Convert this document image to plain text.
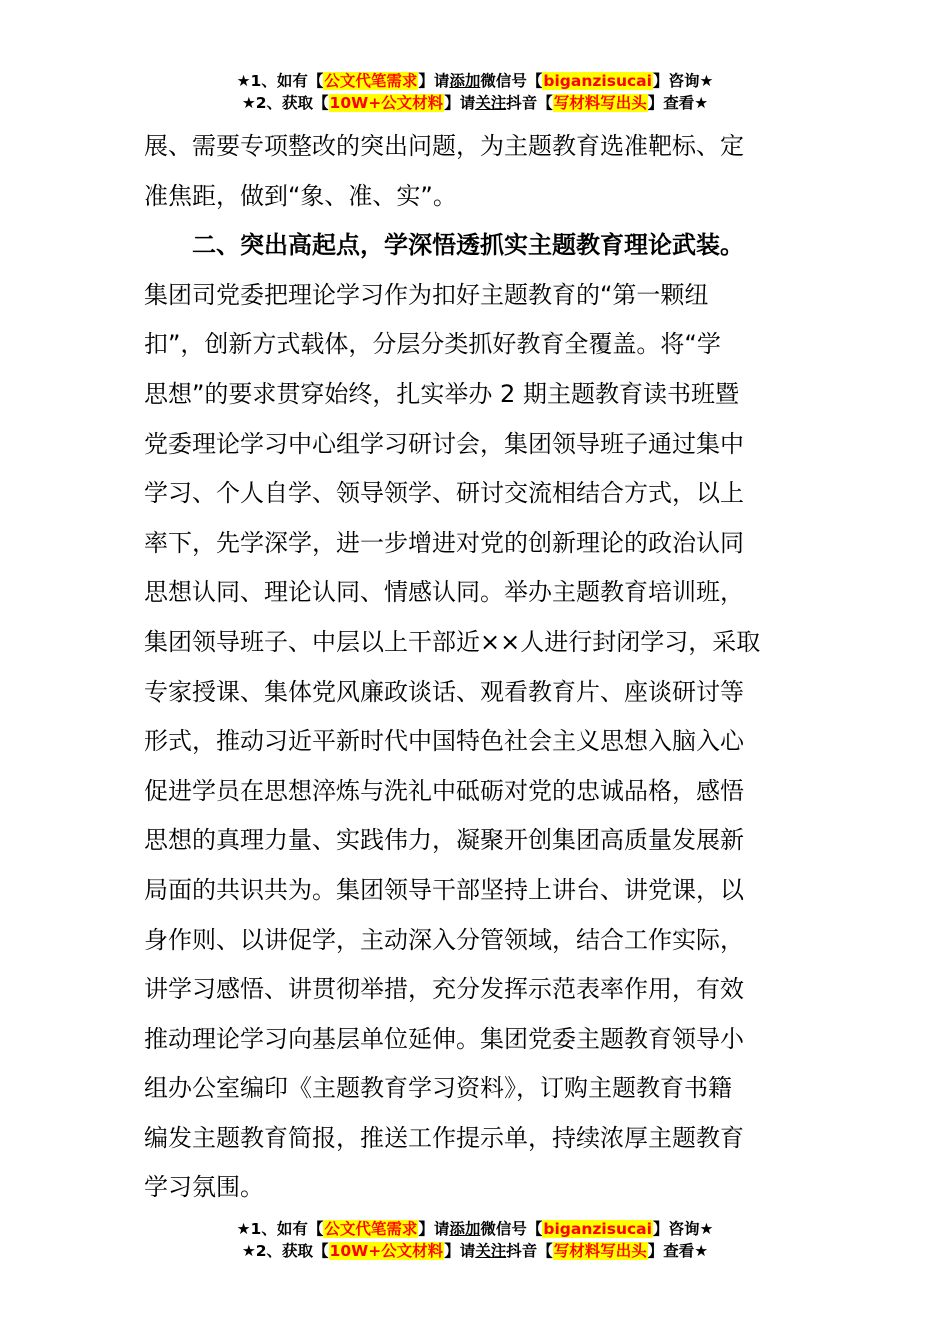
★1、如有【公文代笔需求】请添加微信号【biganzisucai】咨询★
★2、获取【10W+公文材料】请关注抖音【写材料写出头】查看★
展、需要专项整改的突出问题，为主题教育选准靶标、定
准焦距，做到“象、准、实”。
二、突出高起点，学深悟透抓实主题教育理论武装。
集团司党委把理论学习作为扣好主题教育的“第一颗纽
扣”，创新方式载体，分层分类抓好教育全覆盖。将“学
思想”的要求贯穿始终，扎实举办 2 期主题教育读书班暨
党委理论学习中心组学习研讨会，集团领导班子通过集中
学习、个人自学、领导领学、研讨交流相结合方式，以上
率下，先学深学，进一步增进对党的创新理论的政治认同
思想认同、理论认同、情感认同。举办主题教育培训班，
集团领导班子、中层以上干部近××人进行封闭学习，采取
专家授课、集体党风廉政谈话、观看教育片、座谈研讨等
形式，推动习近平新时代中国特色社会主义思想入脑入心
促进学员在思想淬炼与洗礼中砥砺对党的忠诚品格，感悟
思想的真理力量、实践伟力，凝聚开创集团高质量发展新
局面的共识共为。集团领导干部坚持上讲台、讲党课，以
身作则、以讲促学，主动深入分管领域，结合工作实际，
讲学习感悟、讲贯彻举措，充分发挥示范表率作用，有效
推动理论学习向基层单位延伸。集团党委主题教育领导小
组办公室编印《主题教育学习资料》，订购主题教育书籍
编发主题教育简报，推送工作提示单，持续浓厚主题教育
学习氛围。
★1、如有【公文代笔需求】请添加微信号【biganzisucai】咨询★
★2、获取【10W+公文材料】请关注抖音【写材料写出头】查看★
